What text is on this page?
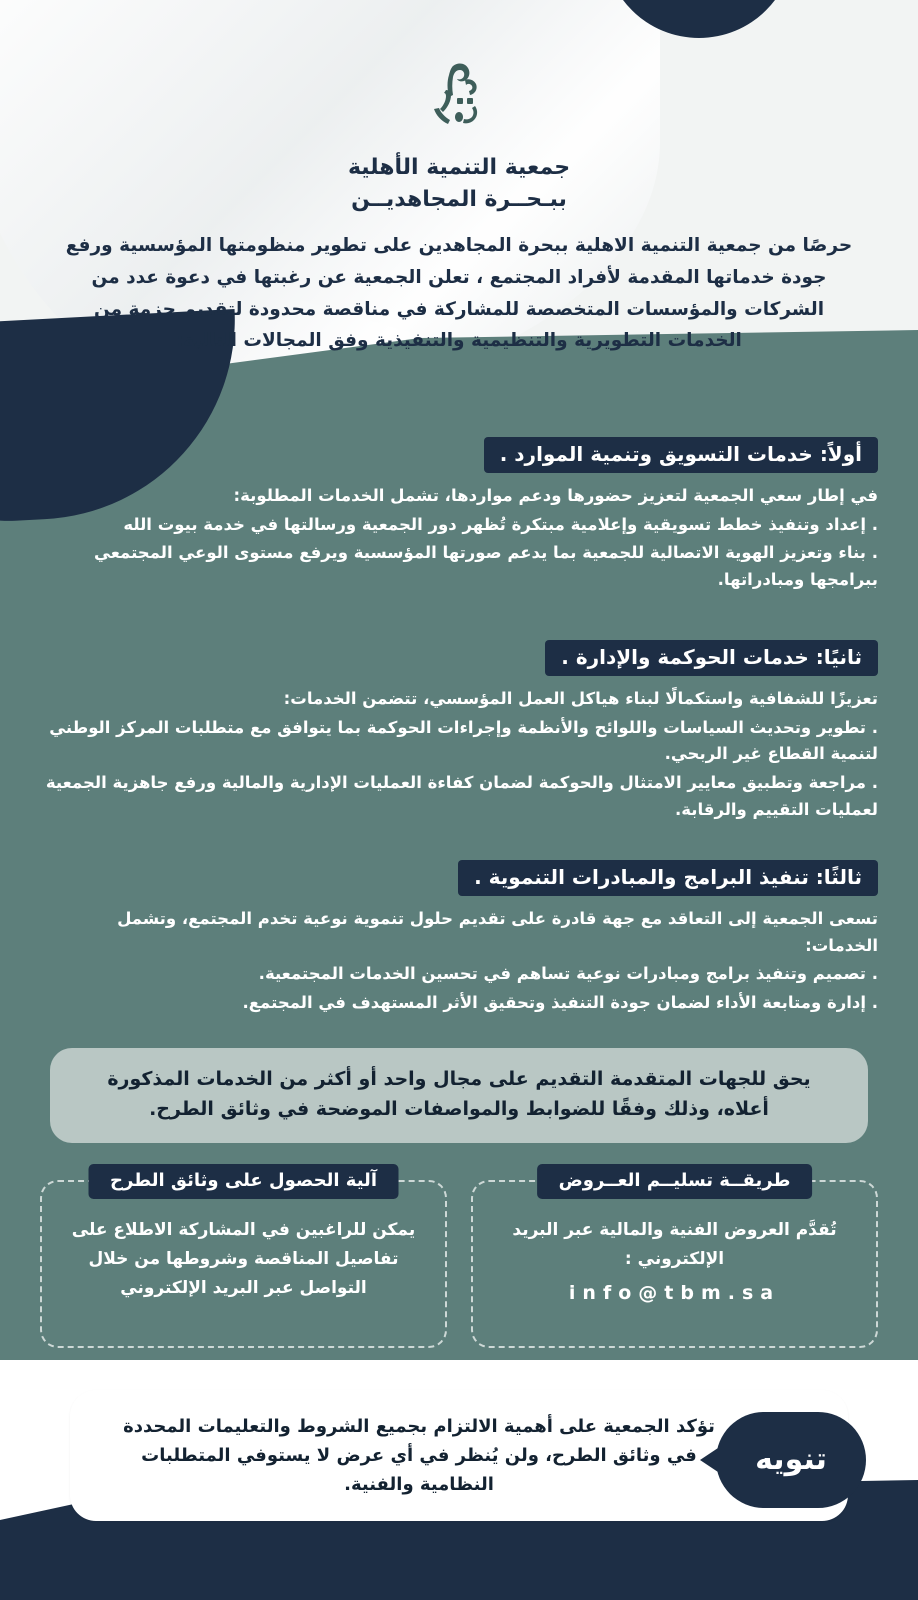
جمعية التنمية الأهلية
ببـحــرة المجاهديــن
حرصًا من جمعية التنمية الاهلية ببحرة المجاهدين على تطوير منظومتها المؤسسية ورفع جودة خدماتها المقدمة لأفراد المجتمع ، تعلن الجمعية عن رغبتها في دعوة عدد من الشركات والمؤسسات المتخصصة للمشاركة في مناقصة محدودة لتقديم حزمة من الخدمات التطويرية والتنظيمية والتنفيذية وفق المجالات التالية:
أولاً: خدمات التسويق وتنمية الموارد .

في إطار سعي الجمعية لتعزيز حضورها ودعم مواردها، تشمل الخدمات المطلوبة:

. إعداد وتنفيذ خطط تسويقية وإعلامية مبتكرة تُظهر دور الجمعية ورسالتها في خدمة بيوت الله

. بناء وتعزيز الهوية الاتصالية للجمعية بما يدعم صورتها المؤسسية ويرفع مستوى الوعي المجتمعي ببرامجها ومبادراتها.

ثانيًا: خدمات الحوكمة والإدارة .

تعزيزًا للشفافية واستكمالًا لبناء هياكل العمل المؤسسي، تتضمن الخدمات:

. تطوير وتحديث السياسات واللوائح والأنظمة وإجراءات الحوكمة بما يتوافق مع متطلبات المركز الوطني لتنمية القطاع غير الربحي.

. مراجعة وتطبيق معايير الامتثال والحوكمة لضمان كفاءة العمليات الإدارية والمالية ورفع جاهزية الجمعية لعمليات التقييم والرقابة.

ثالثًا: تنفيذ البرامج والمبادرات التنموية .

تسعى الجمعية إلى التعاقد مع جهة قادرة على تقديم حلول تنموية نوعية تخدم المجتمع، وتشمل الخدمات:

. تصميم وتنفيذ برامج ومبادرات نوعية تساهم في تحسين الخدمات المجتمعية.

. إدارة ومتابعة الأداء لضمان جودة التنفيذ وتحقيق الأثر المستهدف في المجتمع.

يحق للجهات المتقدمة التقديم على مجال واحد أو أكثر من الخدمات المذكورة أعلاه، وذلك وفقًا للضوابط والمواصفات الموضحة في وثائق الطرح.
طريقــة تسليــم العــروض
تُقدَّم العروض الفنية والمالية عبر البريد الإلكتروني :
info@tbm.sa
آلية الحصول على وثائق الطرح
يمكن للراغبين في المشاركة الاطلاع على تفاصيل المناقصة وشروطها من خلال التواصل عبر البريد الإلكتروني
تنويه
تؤكد الجمعية على أهمية الالتزام بجميع الشروط والتعليمات المحددة في وثائق الطرح، ولن يُنظر في أي عرض لا يستوفي المتطلبات النظامية والفنية.
